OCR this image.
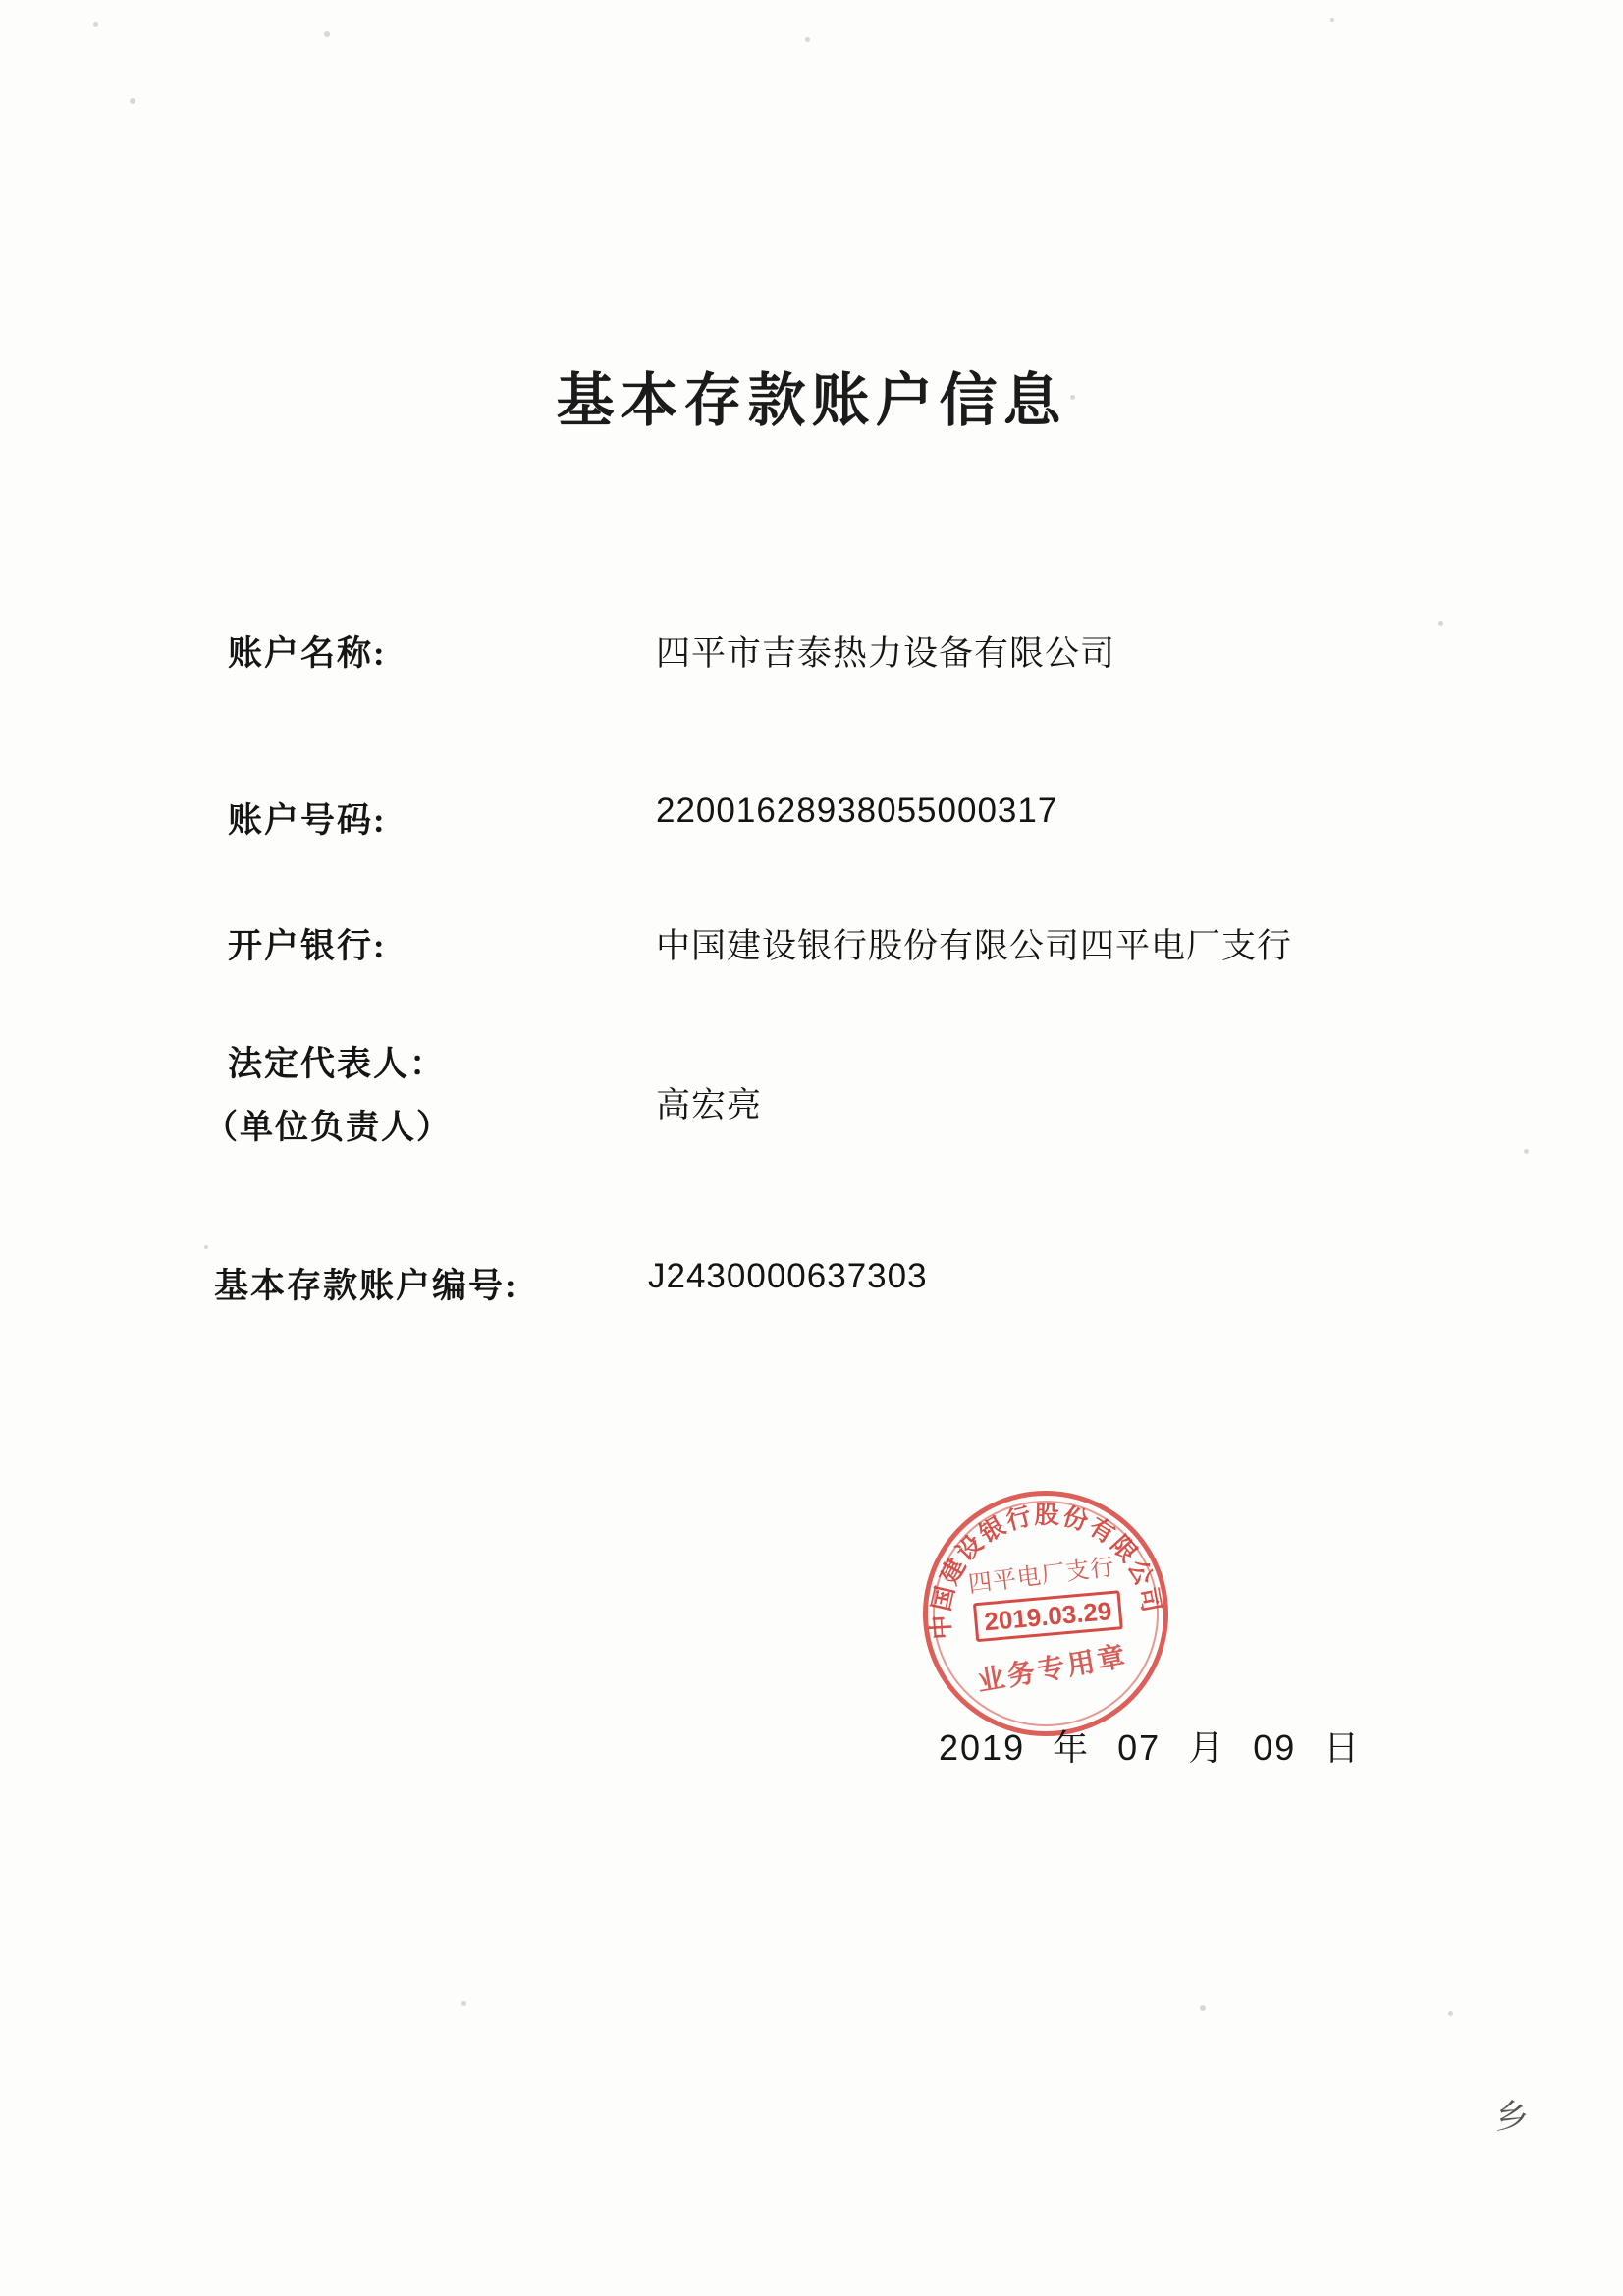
基本存款账户信息
账户名称:	四平市吉泰热力设备有限公司
账户号码:	22001628938055000317
开户银行:	中国建设银行股份有限公司四平电厂支行
法定代表人：
（单位负责人）
高宏亮
基本存款账户编号:	J2430000637303
中国建设银行股份有限公司
四平电厂支行
2019.03.29
业务专用章
2019 年 07 月 09 日
乡
